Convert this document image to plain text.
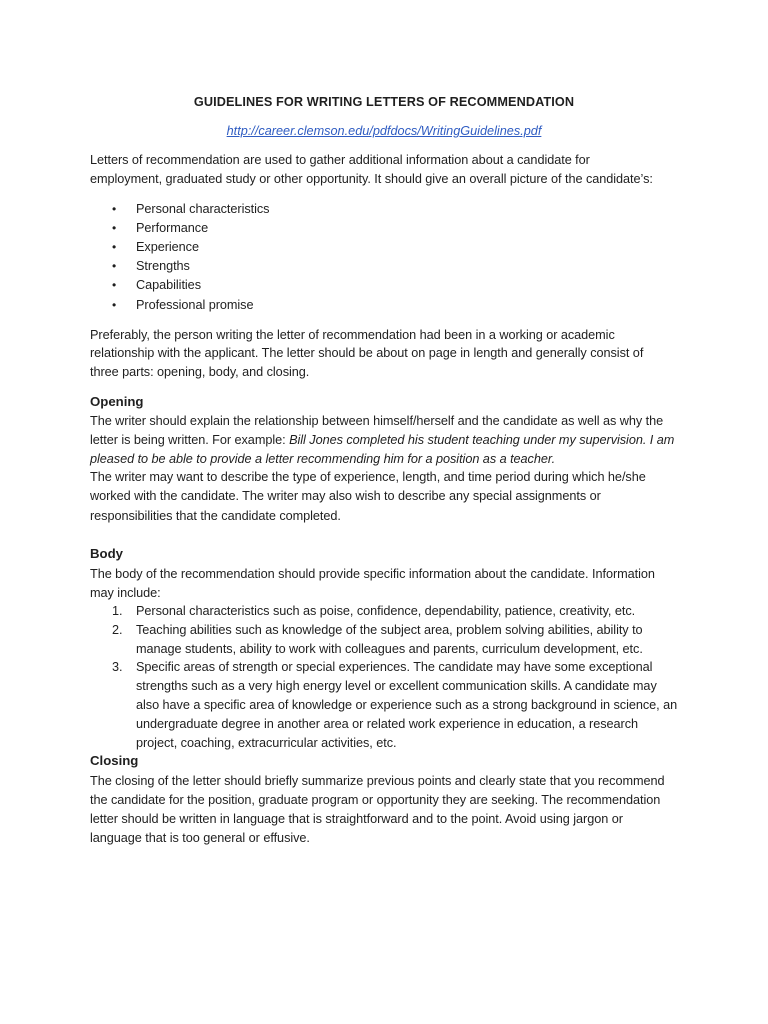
GUIDELINES FOR WRITING LETTERS OF RECOMMENDATION
http://career.clemson.edu/pdfdocs/WritingGuidelines.pdf
Letters of recommendation are used to gather additional information about a candidate for
employment, graduated study or other opportunity. It should give an overall picture of the candidate’s:
• Personal characteristics
• Performance
• Experience
• Strengths
• Capabilities
• Professional promise
Preferably, the person writing the letter of recommendation had been in a working or academic
relationship with the applicant. The letter should be about on page in length and generally consist of
three parts: opening, body, and closing.
Opening
The writer should explain the relationship between himself/herself and the candidate as well as why the
letter is being written. For example: Bill Jones completed his student teaching under my supervision. I am
pleased to be able to provide a letter recommending him for a position as a teacher.
The writer may want to describe the type of experience, length, and time period during which he/she
worked with the candidate. The writer may also wish to describe any special assignments or
responsibilities that the candidate completed.
Body
The body of the recommendation should provide specific information about the candidate. Information
may include:
1. Personal characteristics such as poise, confidence, dependability, patience, creativity, etc.
2. Teaching abilities such as knowledge of the subject area, problem solving abilities, ability to
manage students, ability to work with colleagues and parents, curriculum development, etc.
3. Specific areas of strength or special experiences. The candidate may have some exceptional
strengths such as a very high energy level or excellent communication skills. A candidate may
also have a specific area of knowledge or experience such as a strong background in science, an
undergraduate degree in another area or related work experience in education, a research
project, coaching, extracurricular activities, etc.
Closing
The closing of the letter should briefly summarize previous points and clearly state that you recommend
the candidate for the position, graduate program or opportunity they are seeking. The recommendation
letter should be written in language that is straightforward and to the point. Avoid using jargon or
language that is too general or effusive.
